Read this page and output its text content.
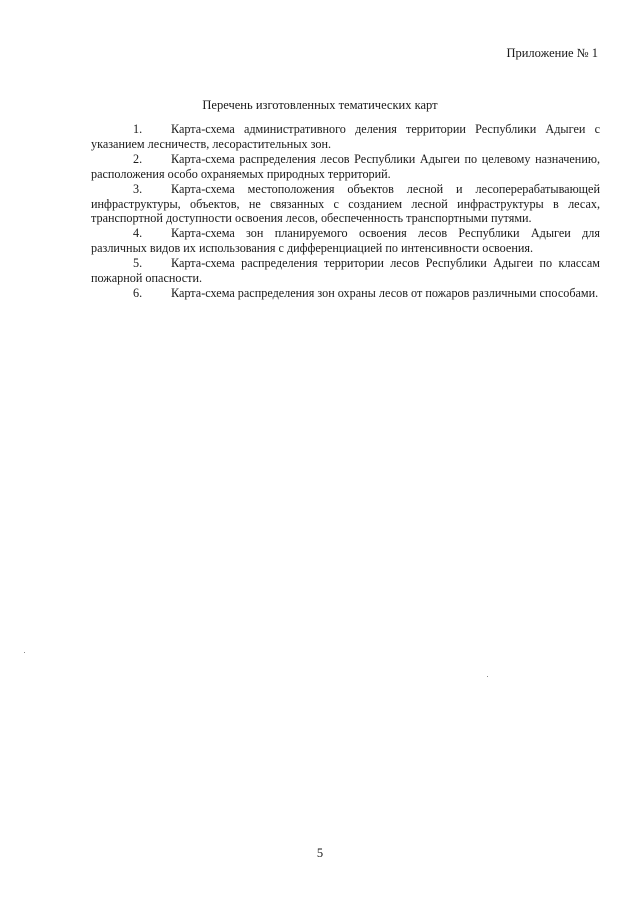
Приложение № 1
Перечень изготовленных тематических карт
1. Карта-схема административного деления территории Республики Адыгеи с указанием лесничеств, лесорастительных зон.
2. Карта-схема распределения лесов Республики Адыгеи по целевому назначению, расположения особо охраняемых природных территорий.
3. Карта-схема местоположения объектов лесной и лесоперерабатывающей инфраструктуры, объектов, не связанных с созданием лесной инфраструктуры в лесах, транспортной доступности освоения лесов, обеспеченность транспортными путями.
4. Карта-схема зон планируемого освоения лесов Республики Адыгеи для различных видов их использования с дифференциацией по интенсивности освоения.
5. Карта-схема распределения территории лесов Республики Адыгеи по классам пожарной опасности.
6. Карта-схема распределения зон охраны лесов от пожаров различными способами.
5
